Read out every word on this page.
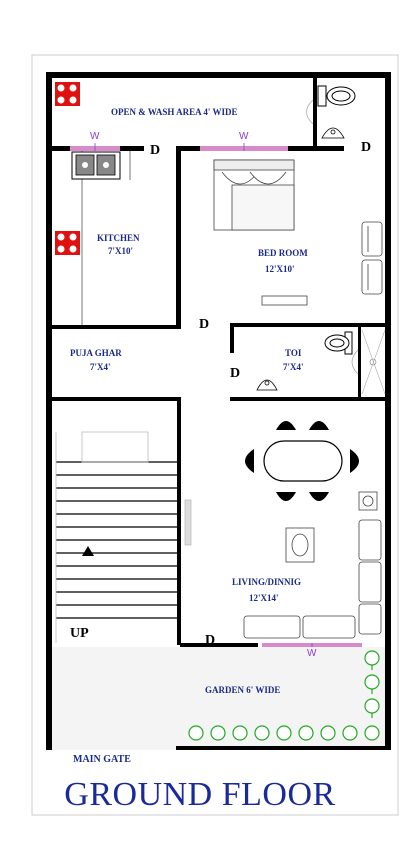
OPEN & WASH AREA 4' WIDE
KITCHEN
7'X10'	BED ROOM
12'X10'
PUJA GHAR
7'X4'
TOI
7'X4'
LIVING/DINNIG
12'X14'
GARDEN 6' WIDE
D	D
D
D
D
W	W
W
UP
MAIN GATE
GROUND FLOOR
